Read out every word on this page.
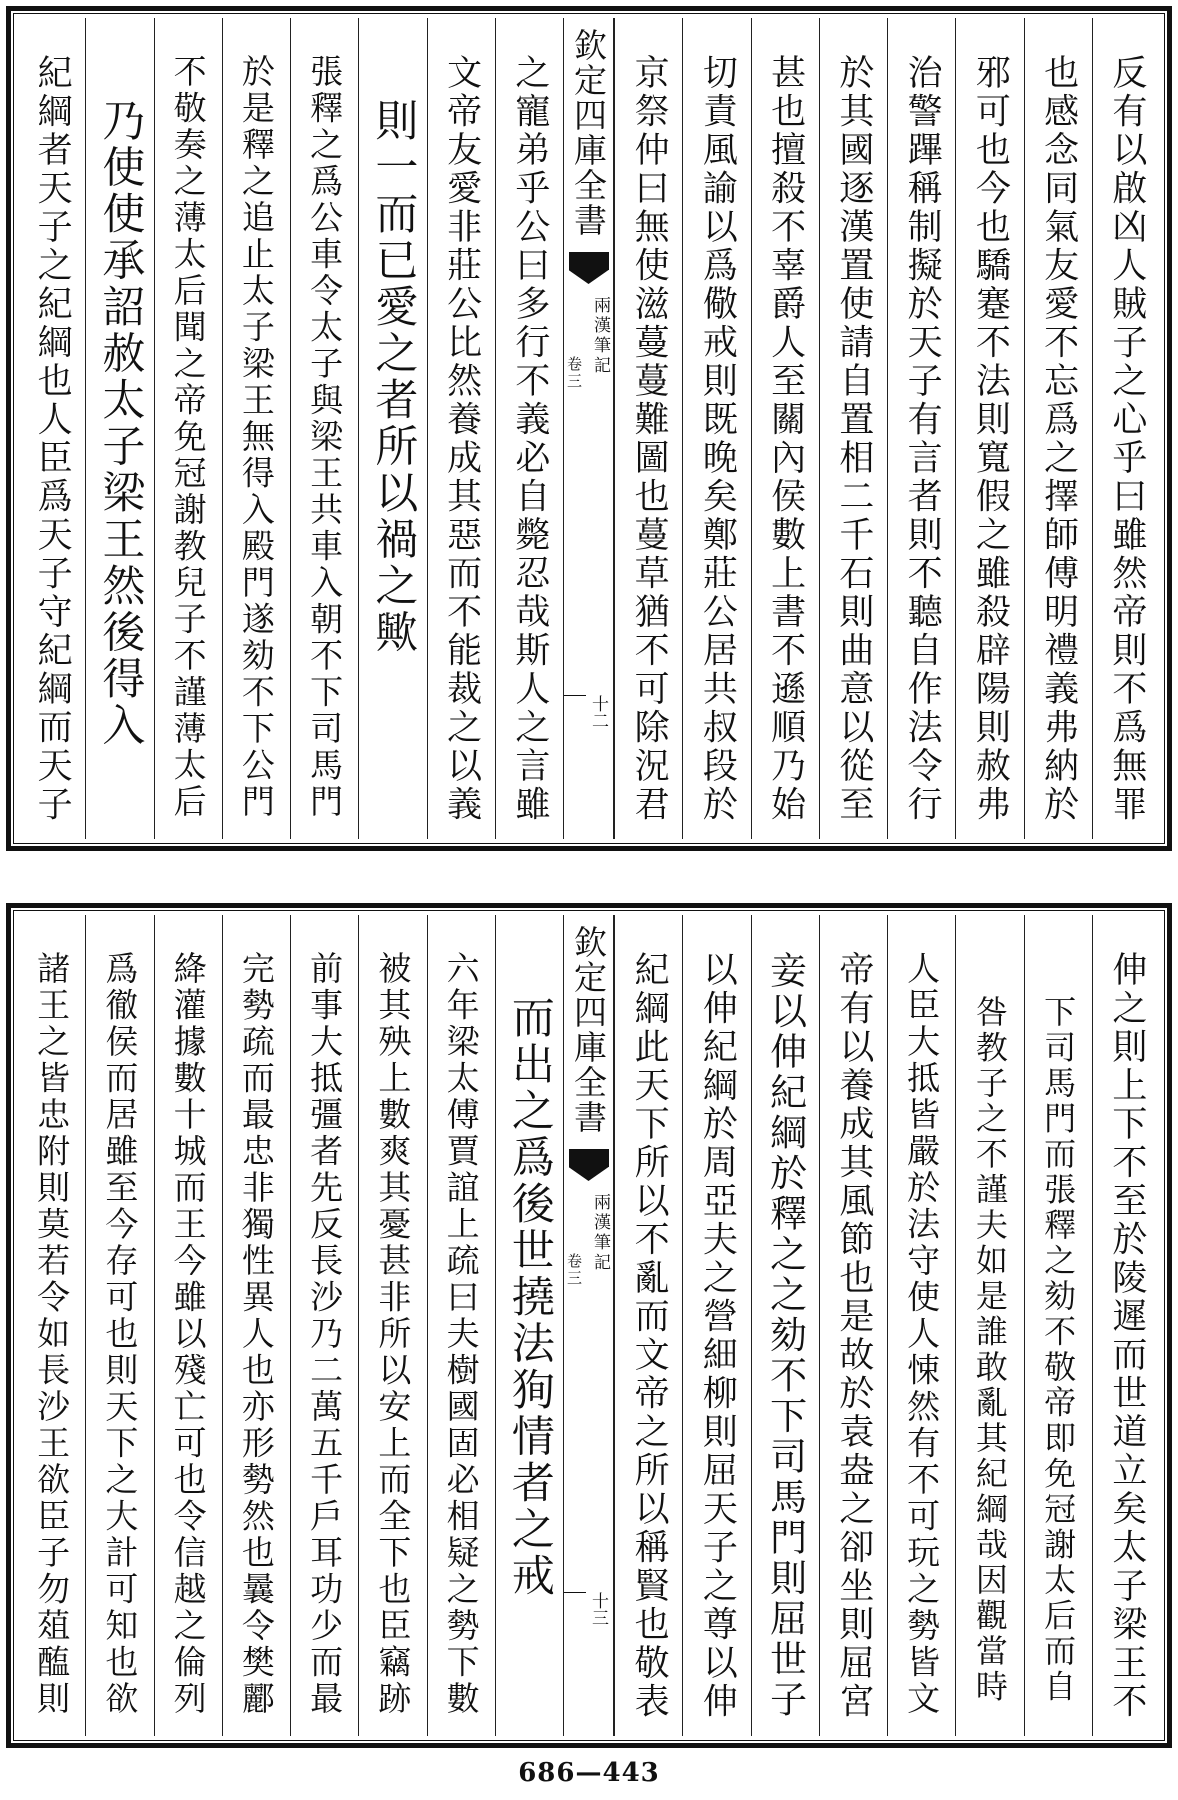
反有以啟凶人賊子之心乎曰雖然帝則不爲無罪
也感念同氣友愛不忘爲之擇師傅明禮義弗納於
邪可也今也驕蹇不法則寬假之雖殺辟陽則赦弗
治警蹕稱制擬於天子有言者則不聽自作法令行
於其國逐漢置使請自置相二千石則曲意以從至
甚也擅殺不辜爵人至關內侯數上書不遜順乃始
切責風諭以爲儆戒則既晚矣鄭莊公居共叔段於
京祭仲曰無使滋蔓蔓難圖也蔓草猶不可除況君
欽定四庫全書
兩漢筆記
卷三
十二
之寵弟乎公曰多行不義必自斃忍哉斯人之言雖
文帝友愛非莊公比然養成其惡而不能裁之以義
則一而已愛之者所以禍之歟
張釋之爲公車令太子與梁王共車入朝不下司馬門
於是釋之追止太子梁王無得入殿門遂劾不下公門
不敬奏之薄太后聞之帝免冠謝教兒子不謹薄太后
乃使使承詔赦太子梁王然後得入
紀綱者天子之紀綱也人臣爲天子守紀綱而天子
伸之則上下不至於陵遲而世道立矣太子梁王不
下司馬門而張釋之劾不敬帝即免冠謝太后而自
咎教子之不謹夫如是誰敢亂其紀綱哉因觀當時
人臣大抵皆嚴於法守使人悚然有不可玩之勢皆文
帝有以養成其風節也是故於袁盎之卻坐則屈宮
妾以伸紀綱於釋之之劾不下司馬門則屈世子
以伸紀綱於周亞夫之營細柳則屈天子之尊以伸
紀綱此天下所以不亂而文帝之所以稱賢也敬表
欽定四庫全書
兩漢筆記
卷三
十三
而出之爲後世撓法狥情者之戒
六年梁太傅賈誼上疏曰夫樹國固必相疑之勢下數
被其殃上數爽其憂甚非所以安上而全下也臣竊跡
前事大抵彊者先反長沙乃二萬五千戶耳功少而最
完勢疏而最忠非獨性異人也亦形勢然也曩令樊酈
絳灌據數十城而王今雖以殘亡可也令信越之倫列
爲徹侯而居雖至今存可也則天下之大計可知也欲
諸王之皆忠附則莫若令如長沙王欲臣子勿葅醢則
686—443
